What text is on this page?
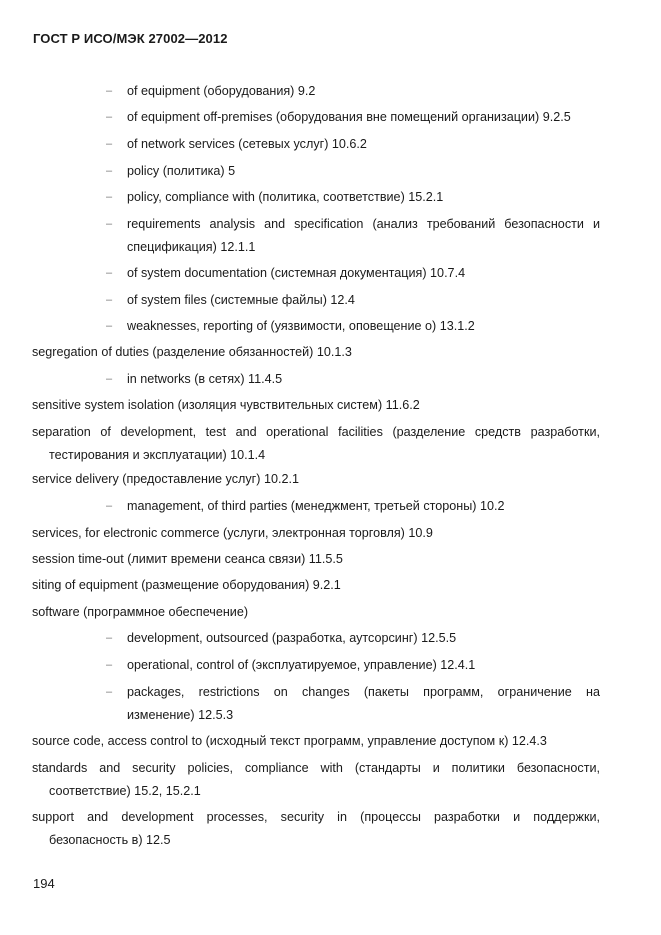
ГОСТ Р ИСО/МЭК 27002—2012
–	of equipment (оборудования) 9.2
–	of equipment off-premises (оборудования вне помещений организации) 9.2.5
–	of network services (сетевых услуг) 10.6.2
–	policy (политика) 5
–	policy, compliance with (политика, соответствие) 15.2.1
–	requirements analysis and specification (анализ требований безопасности и
спецификация) 12.1.1
–	of system documentation (системная документация) 10.7.4
–	of system files (системные файлы) 12.4
–	weaknesses, reporting of (уязвимости, оповещение о) 13.1.2
segregation of duties (разделение обязанностей) 10.1.3
–	in networks (в сетях) 11.4.5
sensitive system isolation (изоляция чувствительных систем) 11.6.2
separation of development, test and operational facilities (разделение средств разработки,
тестирования и эксплуатации) 10.1.4
service delivery (предоставление услуг) 10.2.1
–	management, of third parties (менеджмент, третьей стороны) 10.2
services, for electronic commerce (услуги, электронная торговля) 10.9
session time-out (лимит времени сеанса связи) 11.5.5
siting of equipment (размещение оборудования) 9.2.1
software (программное обеспечение)
–	development, outsourced (разработка, аутсорсинг) 12.5.5
–	operational, control of (эксплуатируемое, управление) 12.4.1
–	packages, restrictions on changes (пакеты программ, ограничение на
изменение) 12.5.3
source code, access control to (исходный текст программ, управление доступом к) 12.4.3
standards and security policies, compliance with (стандарты и политики безопасности,
соответствие) 15.2, 15.2.1
support and development processes, security in (процессы разработки и поддержки,
безопасность в) 12.5
194
